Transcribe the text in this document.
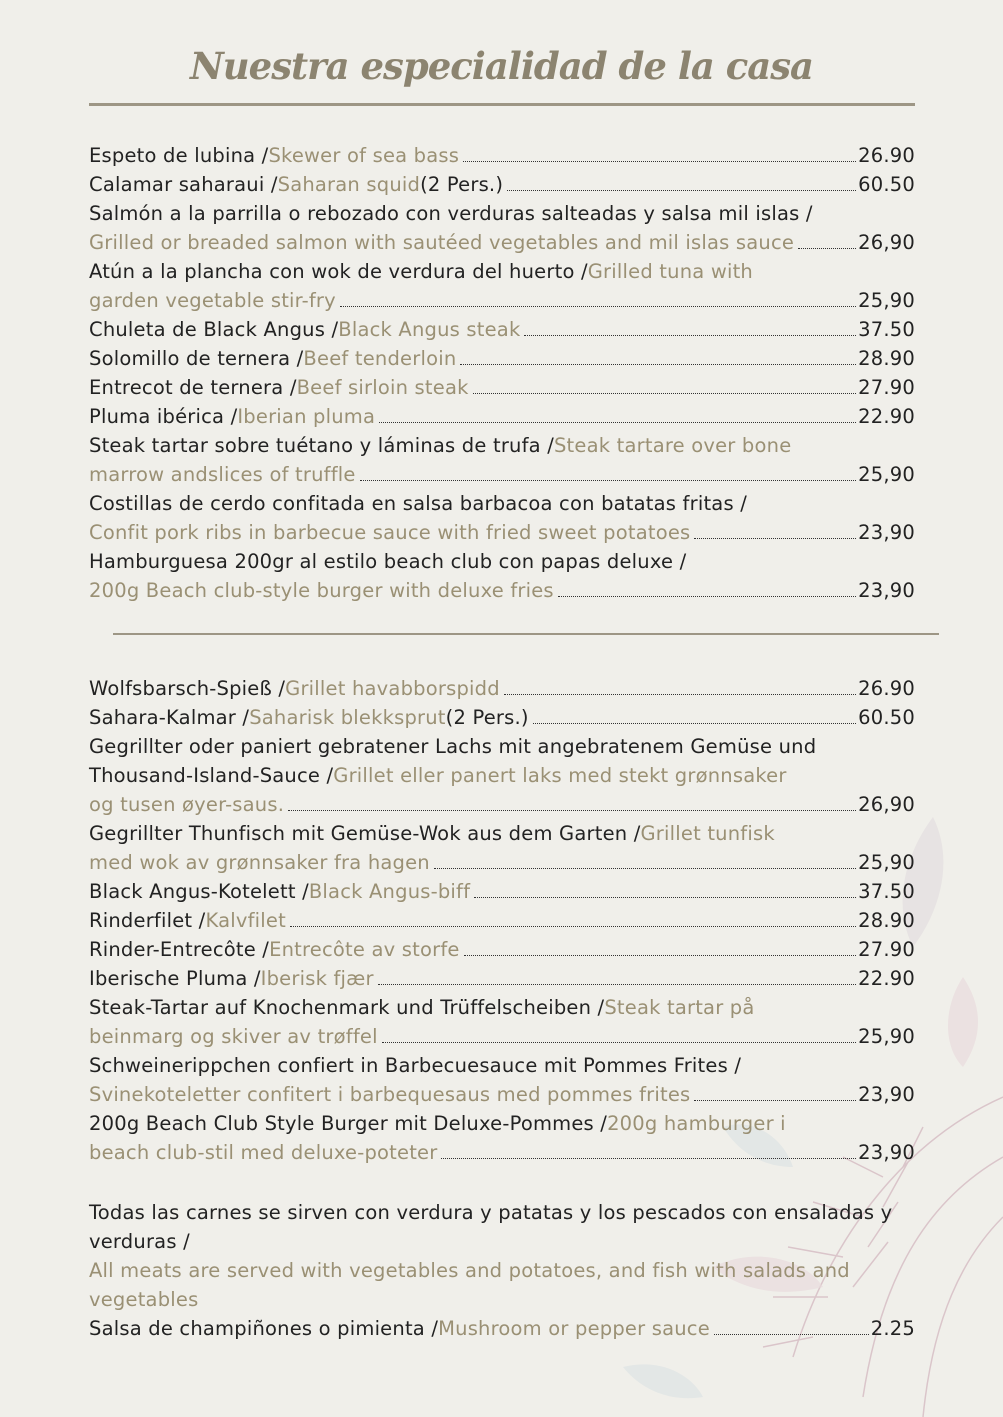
Nuestra especialidad de la casa
Espeto de lubina / Skewer of sea bass	26.90
Calamar saharaui / Saharan squid (2 Pers.)	60.50
Salmón a la parrilla o rebozado con verduras salteadas y salsa mil islas /
Grilled or breaded salmon with sautéed vegetables and mil islas sauce	26,90
Atún a la plancha con wok de verdura del huerto / Grilled tuna with
garden vegetable stir-fry	25,90
Chuleta de Black Angus / Black Angus steak	37.50
Solomillo de ternera / Beef tenderloin	28.90
Entrecot de ternera / Beef sirloin steak	27.90
Pluma ibérica / Iberian pluma	22.90
Steak tartar sobre tuétano y láminas de trufa / Steak tartare over bone
marrow andslices of truffle	25,90
Costillas de cerdo confitada en salsa barbacoa con batatas fritas /
Confit pork ribs in barbecue sauce with fried sweet potatoes	23,90
Hamburguesa 200gr al estilo beach club con papas deluxe /
200g Beach club-style burger with deluxe fries	23,90
Wolfsbarsch-Spieß / Grillet havabborspidd	26.90
Sahara-Kalmar / Saharisk blekksprut (2 Pers.)	60.50
Gegrillter oder paniert gebratener Lachs mit angebratenem Gemüse und
Thousand-Island-Sauce / Grillet eller panert laks med stekt grønnsaker
og tusen øyer-saus.	26,90
Gegrillter Thunfisch mit Gemüse-Wok aus dem Garten / Grillet tunfisk
med wok av grønnsaker fra hagen	25,90
Black Angus-Kotelett / Black Angus-biff	37.50
Rinderfilet / Kalvfilet	28.90
Rinder-Entrecôte / Entrecôte av storfe	27.90
Iberische Pluma / Iberisk fjær	22.90
Steak-Tartar auf Knochenmark und Trüffelscheiben / Steak tartar på
beinmarg og skiver av trøffel	25,90
Schweinerippchen confiert in Barbecuesauce mit Pommes Frites /
Svinekoteletter confitert i barbequesaus med pommes frites	23,90
200g Beach Club Style Burger mit Deluxe-Pommes / 200g hamburger i
beach club-stil med deluxe-poteter	23,90
Todas las carnes se sirven con verdura y patatas y los pescados con ensaladas y
verduras /
All meats are served with vegetables and potatoes, and fish with salads and
vegetables
Salsa de champiñones o pimienta / Mushroom or pepper sauce	2.25
